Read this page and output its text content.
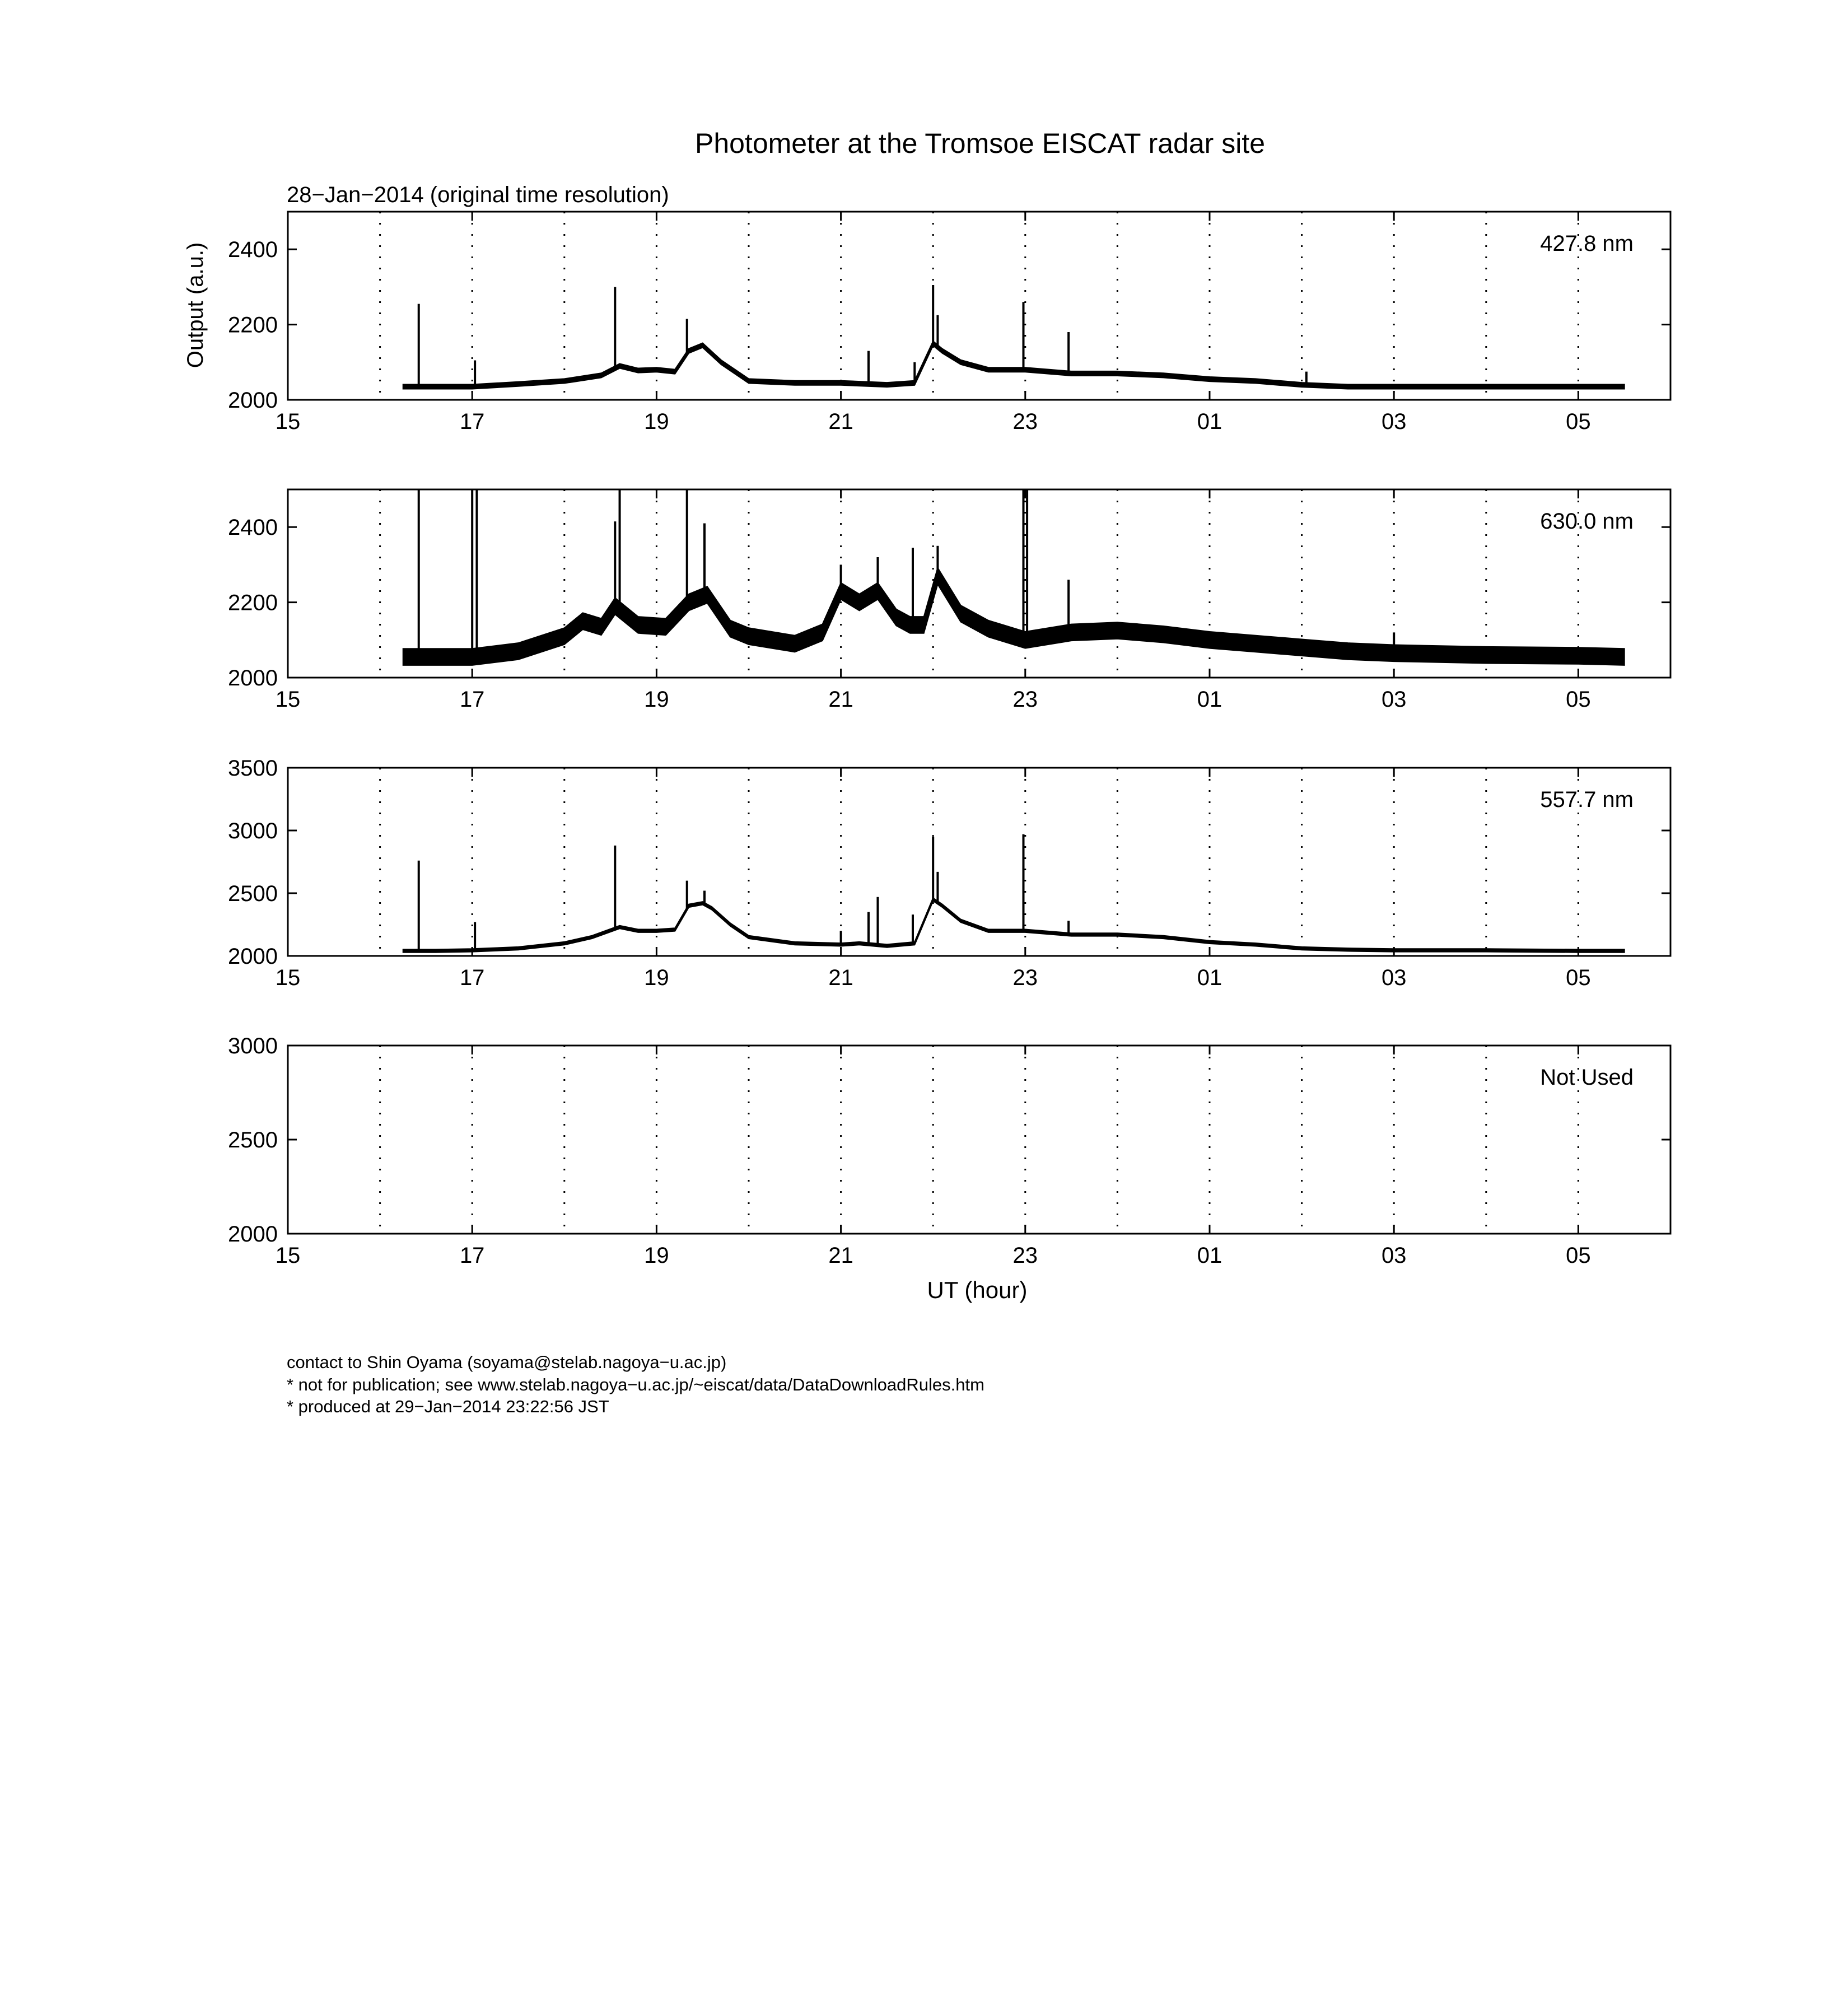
Photometer at the Tromsoe EISCAT radar site
28−Jan−2014 (original time resolution)
Output (a.u.)
15	17	19	21	23	01	03	05
2000
2200
2400	427.8 nm
15	17	19	21	23	01	03	05
2000
2200
2400	630.0 nm
15	17	19	21	23	01	03	05
2000
2500
3000
3500
557.7 nm
15	17	19	21	23	01	03	05
2000
2500
3000
Not Used
UT (hour)
contact to Shin Oyama (soyama@stelab.nagoya−u.ac.jp)
* not for publication; see www.stelab.nagoya−u.ac.jp/~eiscat/data/DataDownloadRules.htm
* produced at 29−Jan−2014 23:22:56 JST
